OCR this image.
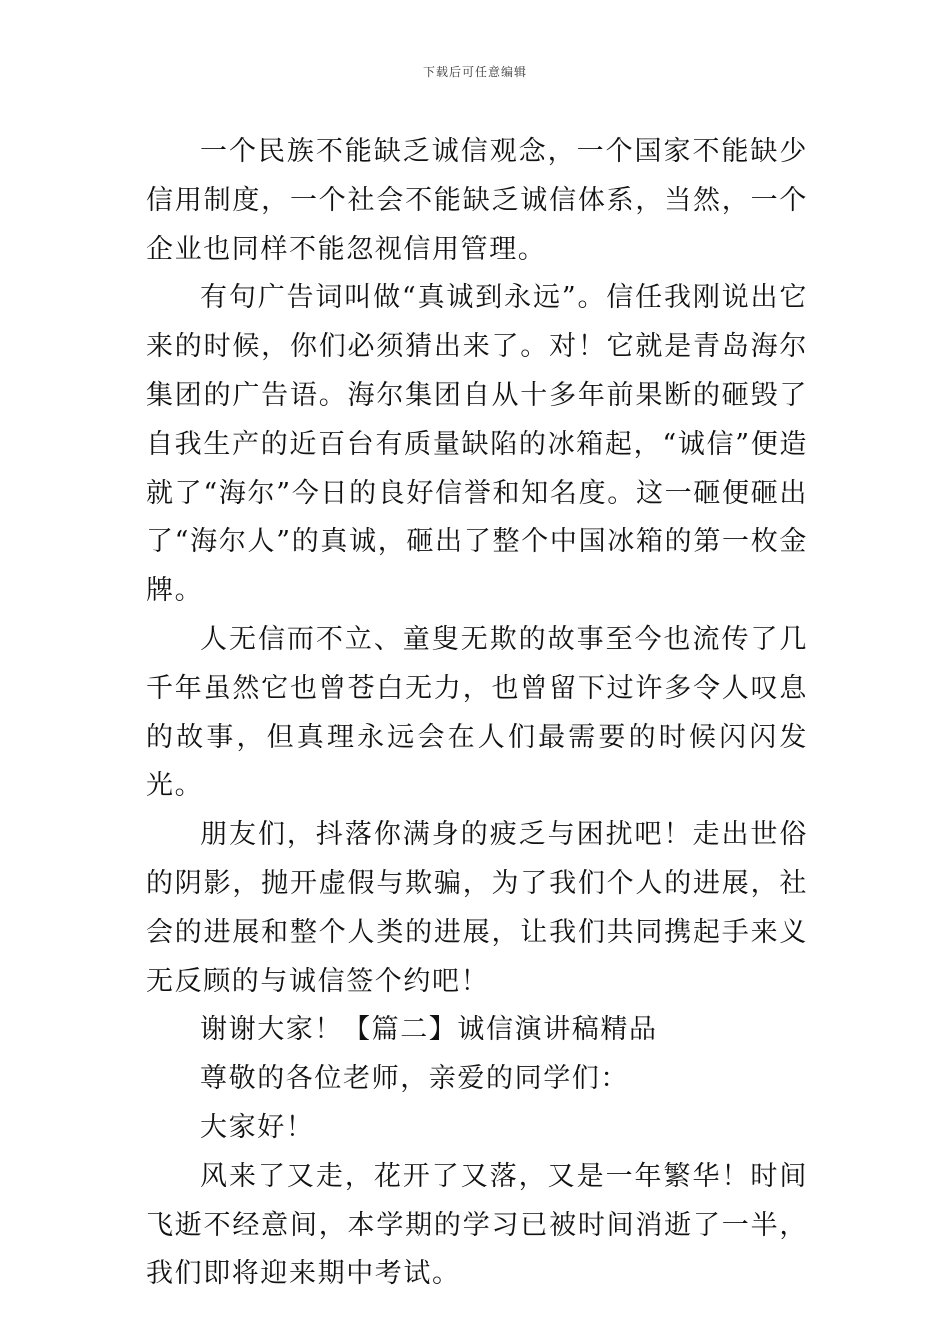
下载后可任意编辑

一个民族不能缺乏诚信观念，一个国家不能缺少信用制度，一个社会不能缺乏诚信体系，当然，一个企业也同样不能忽视信用管理。

有句广告词叫做“真诚到永远”。信任我刚说出它来的时候，你们必须猜出来了。对！它就是青岛海尔集团的广告语。海尔集团自从十多年前果断的砸毁了自我生产的近百台有质量缺陷的冰箱起，“诚信”便造就了“海尔”今日的良好信誉和知名度。这一砸便砸出了“海尔人”的真诚，砸出了整个中国冰箱的第一枚金牌。

人无信而不立、童叟无欺的故事至今也流传了几千年虽然它也曾苍白无力，也曾留下过许多令人叹息的故事，但真理永远会在人们最需要的时候闪闪发光。

朋友们，抖落你满身的疲乏与困扰吧！走出世俗的阴影，抛开虚假与欺骗，为了我们个人的进展，社会的进展和整个人类的进展，让我们共同携起手来义无反顾的与诚信签个约吧！

谢谢大家！【篇二】诚信演讲稿精品

尊敬的各位老师，亲爱的同学们：

大家好！

风来了又走，花开了又落，又是一年繁华！时间飞逝不经意间，本学期的学习已被时间消逝了一半，我们即将迎来期中考试。
